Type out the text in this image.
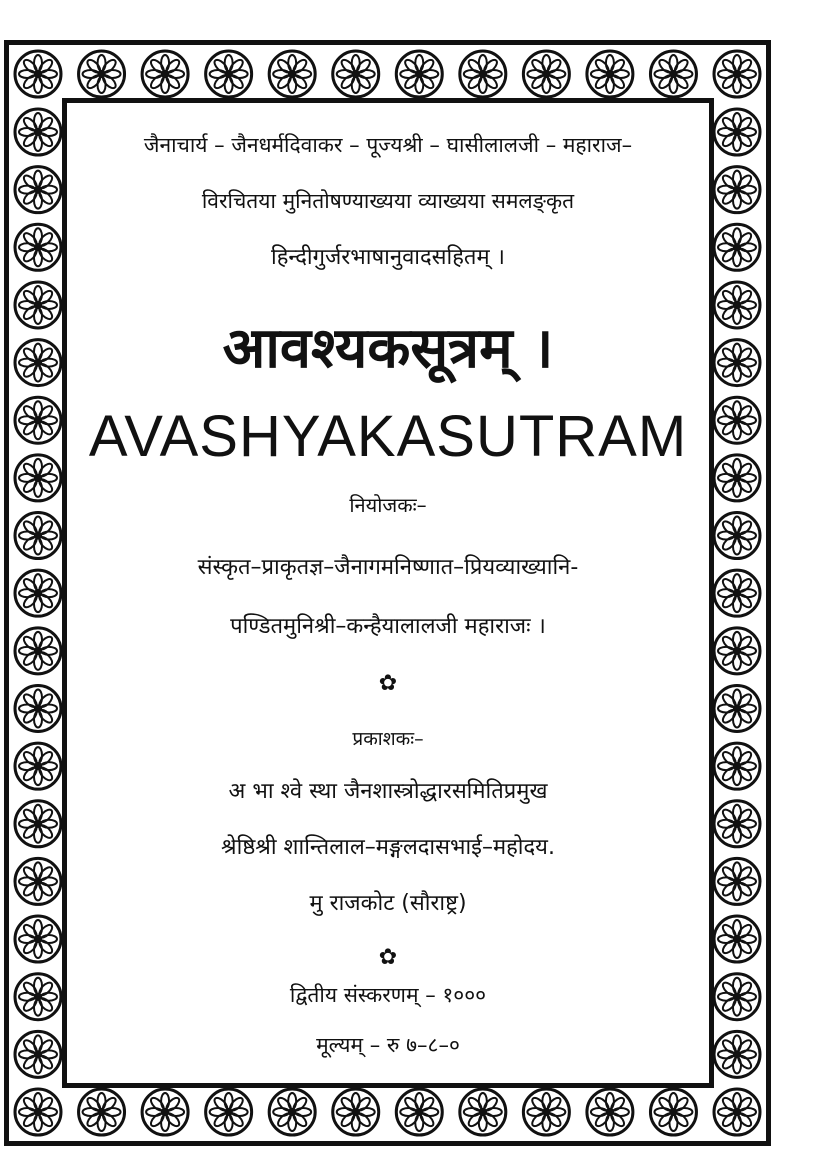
जैनाचार्य – जैनधर्मदिवाकर – पूज्यश्री – घासीलालजी – महाराज–
विरचितया मुनितोषण्याख्यया व्याख्यया समलङ्कृत
हिन्दीगुर्जरभाषानुवादसहितम् ।
आवश्यकसूत्रम् ।
AVASHYAKASUTRAM
नियोजकः–
संस्कृत–प्राकृतज्ञ–जैनागमनिष्णात–प्रियव्याख्यानि-
पण्डितमुनिश्री–कन्हैयालालजी महाराजः ।
✿
प्रकाशकः–
अ भा श्वे स्था जैनशास्त्रोद्धारसमितिप्रमुख
श्रेष्ठिश्री शान्तिलाल–मङ्गलदासभाई–महोदय.
मु राजकोट (सौराष्ट्र)
✿
द्वितीय संस्करणम् – १०००
मूल्यम् – रु ७–८–०
